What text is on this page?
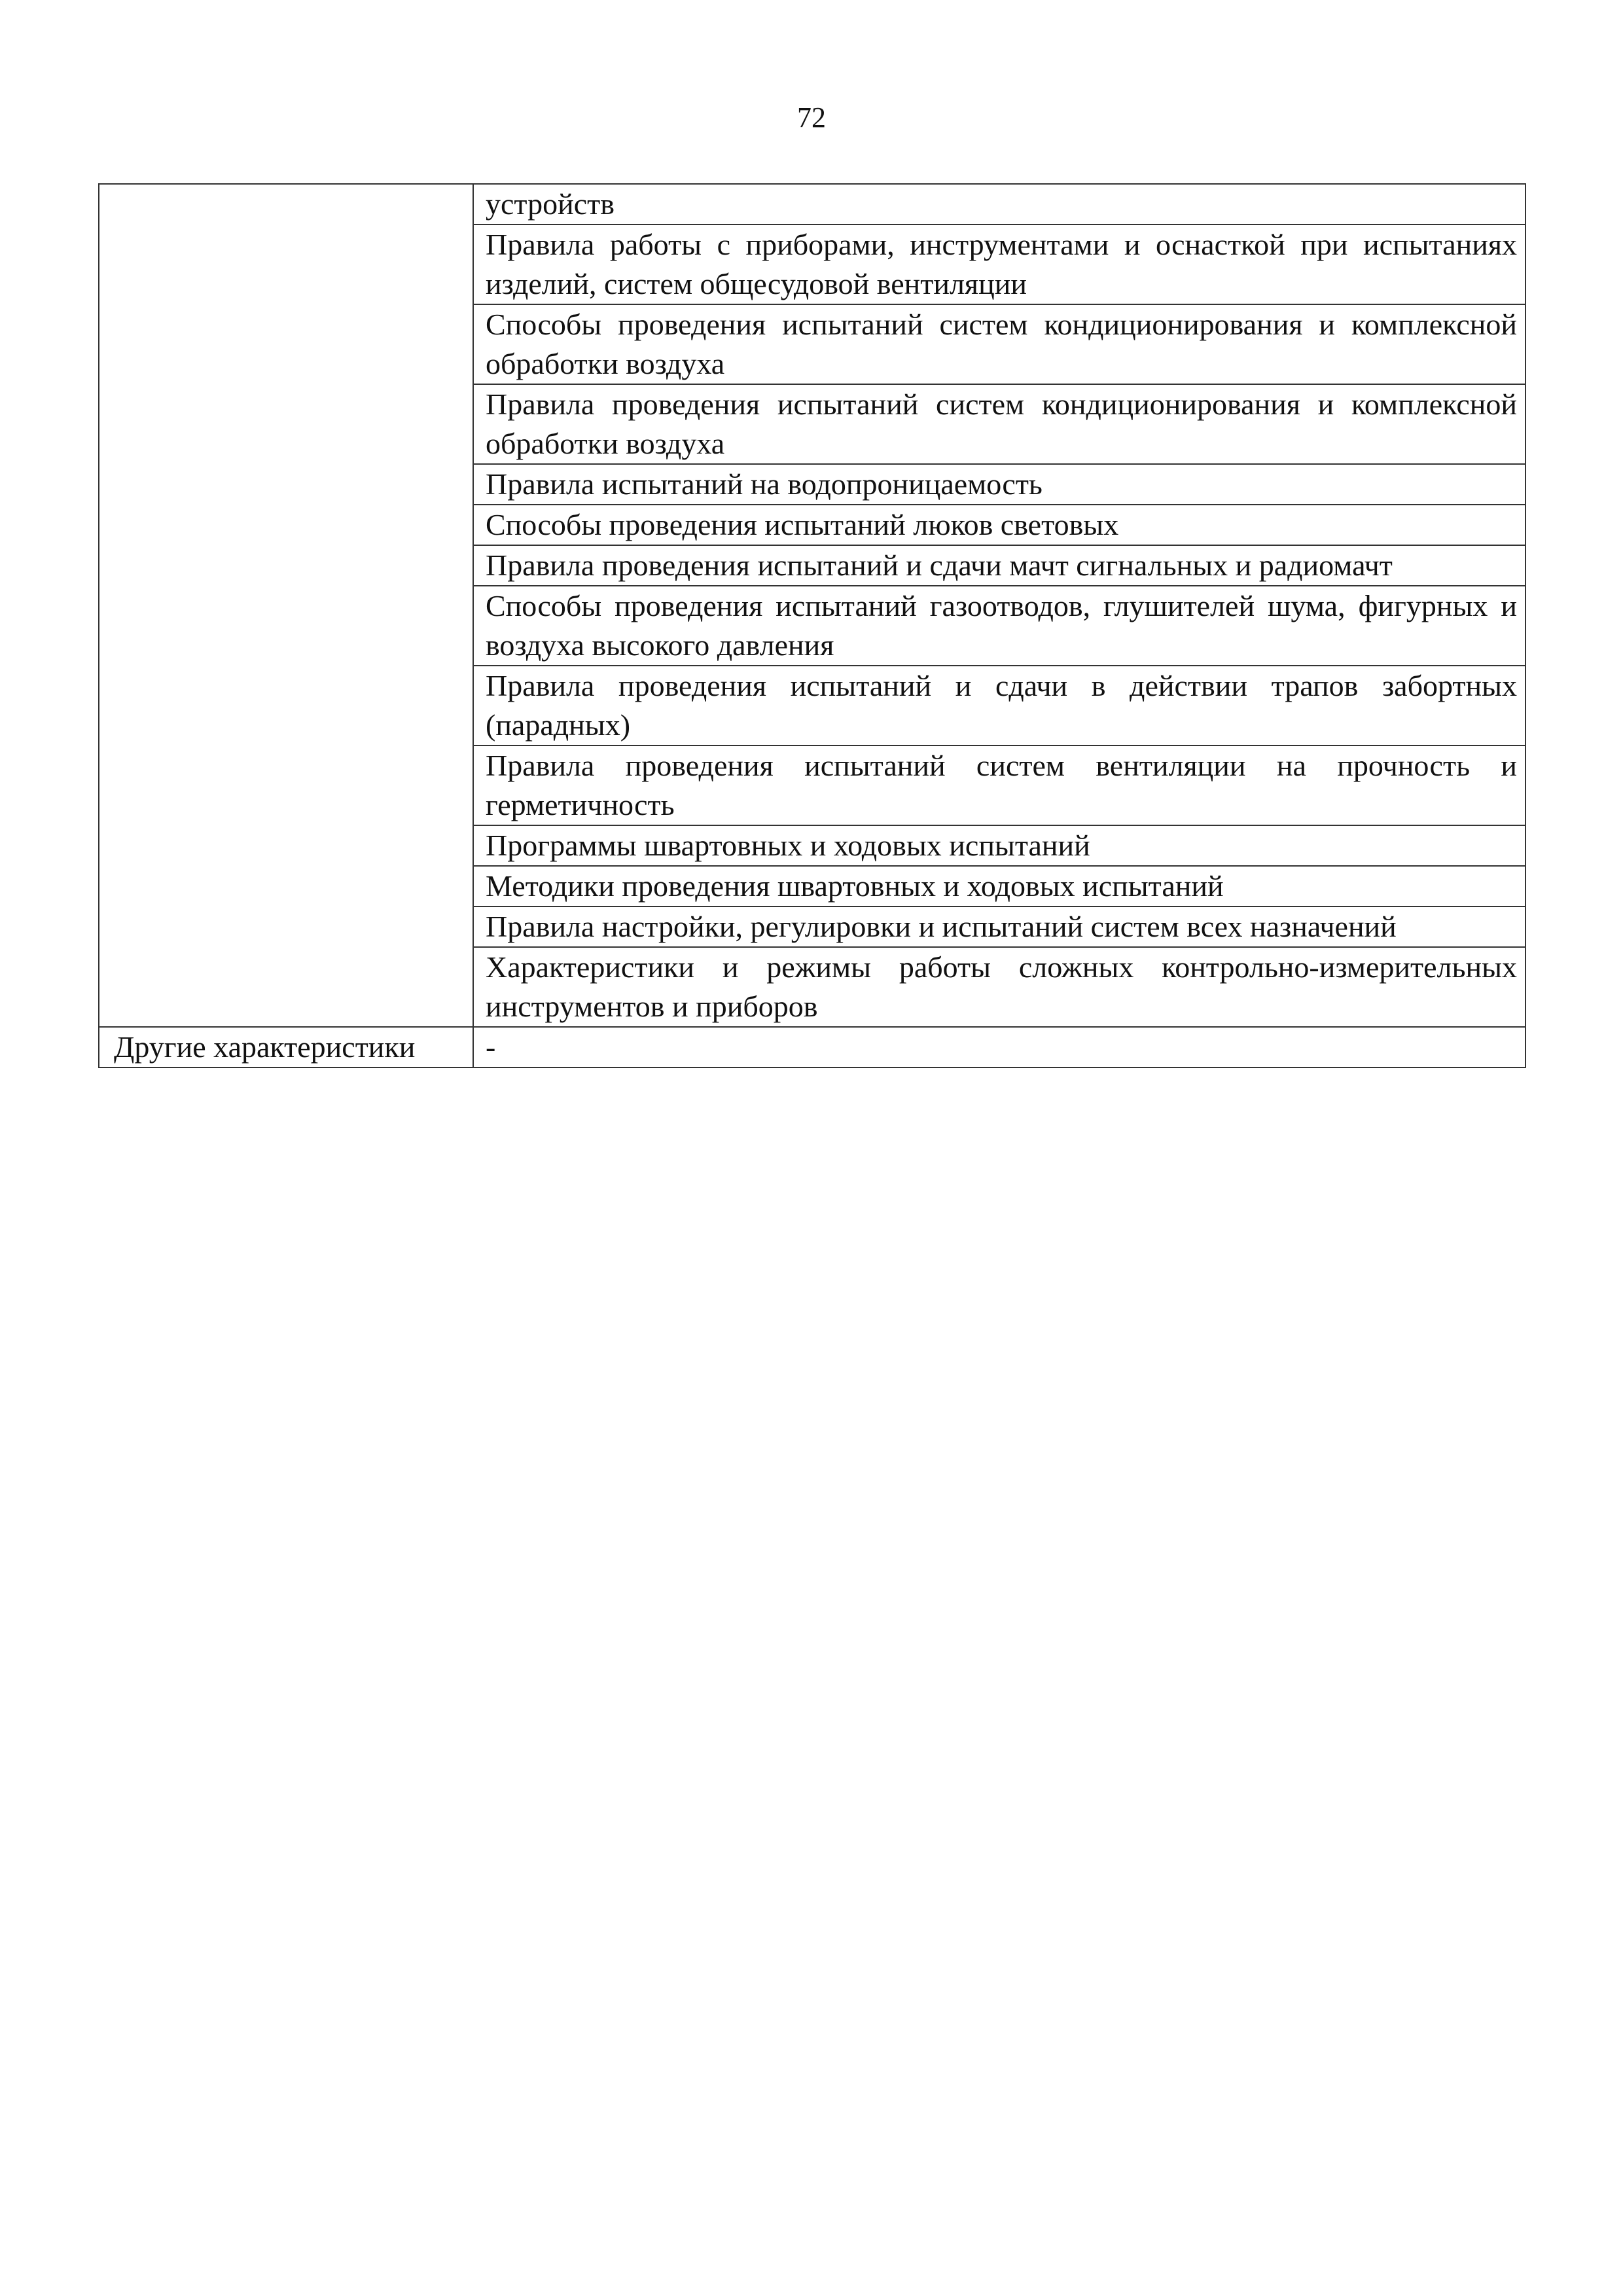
72
	устройств
	Правила работы с приборами, инструментами и оснасткой при испытаниях изделий, систем общесудовой вентиляции
	Способы проведения испытаний систем кондиционирования и комплексной обработки воздуха
	Правила проведения испытаний систем кондиционирования и комплексной обработки воздуха
	Правила испытаний на водопроницаемость
	Способы проведения испытаний люков световых
	Правила проведения испытаний и сдачи мачт сигнальных и радиомачт
	Способы проведения испытаний газоотводов, глушителей шума, фигурных и воздуха высокого давления
	Правила проведения испытаний и сдачи в действии трапов забортных (парадных)
	Правила проведения испытаний систем вентиляции на прочность и герметичность
	Программы швартовных и ходовых испытаний
	Методики проведения швартовных и ходовых испытаний
	Правила настройки, регулировки и испытаний систем всех назначений
	Характеристики и режимы работы сложных контрольно-измерительных инструментов и приборов
Другие характеристики	-
